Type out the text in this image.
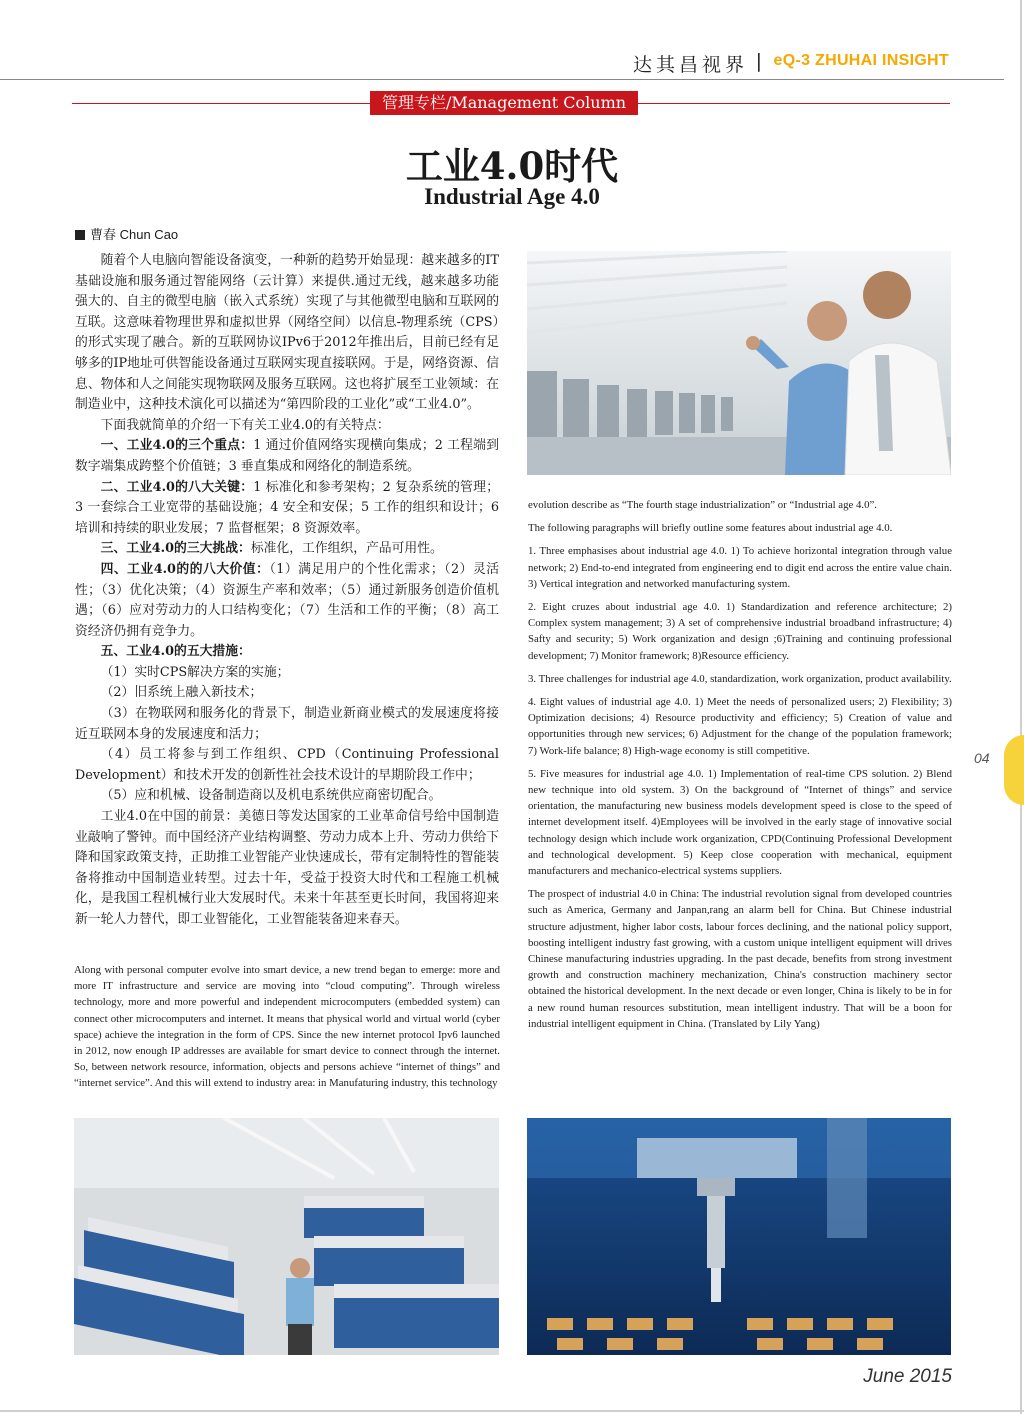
达其昌视界 | eQ-3 ZHUHAI INSIGHT
管理专栏/Management Column
工业4.0时代
Industrial Age 4.0
曹春 Chun Cao

随着个人电脑向智能设备演变，一种新的趋势开始显现：越来越多的IT基础设施和服务通过智能网络（云计算）来提供.通过无线，越来越多功能强大的、自主的微型电脑（嵌入式系统）实现了与其他微型电脑和互联网的互联。这意味着物理世界和虚拟世界（网络空间）以信息-物理系统（CPS）的形式实现了融合。新的互联网协议IPv6于2012年推出后，目前已经有足够多的IP地址可供智能设备通过互联网实现直接联网。于是，网络资源、信息、物体和人之间能实现物联网及服务互联网。这也将扩展至工业领域：在制造业中，这种技术演化可以描述为“第四阶段的工业化”或“工业4.0”。

下面我就简单的介绍一下有关工业4.0的有关特点：

一、工业4.0的三个重点：1 通过价值网络实现横向集成；2 工程端到数字端集成跨整个价值链；3 垂直集成和网络化的制造系统。

二、工业4.0的八大关键：1 标准化和参考架构；2 复杂系统的管理；3 一套综合工业宽带的基础设施；4 安全和安保；5 工作的组织和设计；6 培训和持续的职业发展；7 监督框架；8 资源效率。

三、工业4.0的三大挑战：标准化，工作组织，产品可用性。

四、工业4.0的的八大价值：（1）满足用户的个性化需求；（2）灵活性；（3）优化决策；（4）资源生产率和效率；（5）通过新服务创造价值机遇；（6）应对劳动力的人口结构变化；（7）生活和工作的平衡；（8）高工资经济仍拥有竞争力。

五、工业4.0的五大措施：

（1）实时CPS解决方案的实施；

（2）旧系统上融入新技术；

（3）在物联网和服务化的背景下，制造业新商业模式的发展速度将接近互联网本身的发展速度和活力；

（4）员工将参与到工作组织、CPD（Continuing Professional Development）和技术开发的创新性社会技术设计的早期阶段工作中；

（5）应和机械、设备制造商以及机电系统供应商密切配合。

工业4.0在中国的前景：美德日等发达国家的工业革命信号给中国制造业敲响了警钟。而中国经济产业结构调整、劳动力成本上升、劳动力供给下降和国家政策支持，正助推工业智能产业快速成长，带有定制特性的智能装备将推动中国制造业转型。过去十年，受益于投资大时代和工程施工机械化，是我国工程机械行业大发展时代。未来十年甚至更长时间，我国将迎来新一轮人力替代，即工业智能化，工业智能装备迎来春天。

Along with personal computer evolve into smart device, a new trend began to emerge: more and more IT infrastructure and service are moving into “cloud computing”. Through wireless technology, more and more powerful and independent microcomputers (embedded system) can connect other microcomputers and internet. It means that physical world and virtual world (cyber space) achieve the integration in the form of CPS. Since the new internet protocol Ipv6 launched in 2012, now enough IP addresses are available for smart device to connect through the internet. So, between network resource, information, objects and persons achieve “internet of things” and “internet service”. And this will extend to industry area: in Manufaturing industry, this technology

evolution describe as “The fourth stage industrialization” or “Industrial age 4.0”.

The following paragraphs will briefly outline some features about industrial age 4.0.

1. Three emphasises about industrial age 4.0. 1) To achieve horizontal integration through value network; 2) End-to-end integrated from engineering end to digit end across the entire value chain. 3) Vertical integration and networked manufacturing system.

2. Eight cruzes about industrial age 4.0. 1) Standardization and reference architecture; 2) Complex system management; 3) A set of comprehensive industrial broadband infrastructure; 4) Safty and security; 5) Work organization and design ;6)Training and continuing professional development; 7) Monitor framework; 8)Resource efficiency.

3. Three challenges for industrial age 4.0, standardization, work organization, product availability.

4. Eight values of industrial age 4.0. 1) Meet the needs of personalized users; 2) Flexibility; 3) Optimization decisions; 4) Resource productivity and efficiency; 5) Creation of value and opportunities through new services; 6) Adjustment for the change of the population framework; 7) Work-life balance; 8) High-wage economy is still competitive.

5. Five measures for industrial age 4.0. 1) Implementation of real-time CPS solution. 2) Blend new technique into old system. 3) On the background of “Internet of things” and service orientation, the manufacturing new business models development speed is close to the speed of internet development itself. 4)Employees will be involved in the early stage of innovative social technology design which include work organization, CPD(Continuing Professional Development and technological development. 5) Keep close cooperation with mechanical, equipment manufacturers and mechanico-electrical systems suppliers.

The prospect of industrial 4.0 in China: The industrial revolution signal from developed countries such as America, Germany and Janpan,rang an alarm bell for China. But Chinese industrial structure adjustment, higher labor costs, labour forces declining, and the national policy support, boosting intelligent industry fast growing, with a custom unique intelligent equipment will drives Chinese manufacturing industries upgrading. In the past decade, benefits from strong investment growth and construction machinery mechanization, China's construction machinery sector obtained the historical development. In the next decade or even longer, China is likely to be in for a new round human resources substitution, mean intelligent industry. That will be a boon for industrial intelligent equipment in China. (Translated by Lily Yang)

04
June 2015
